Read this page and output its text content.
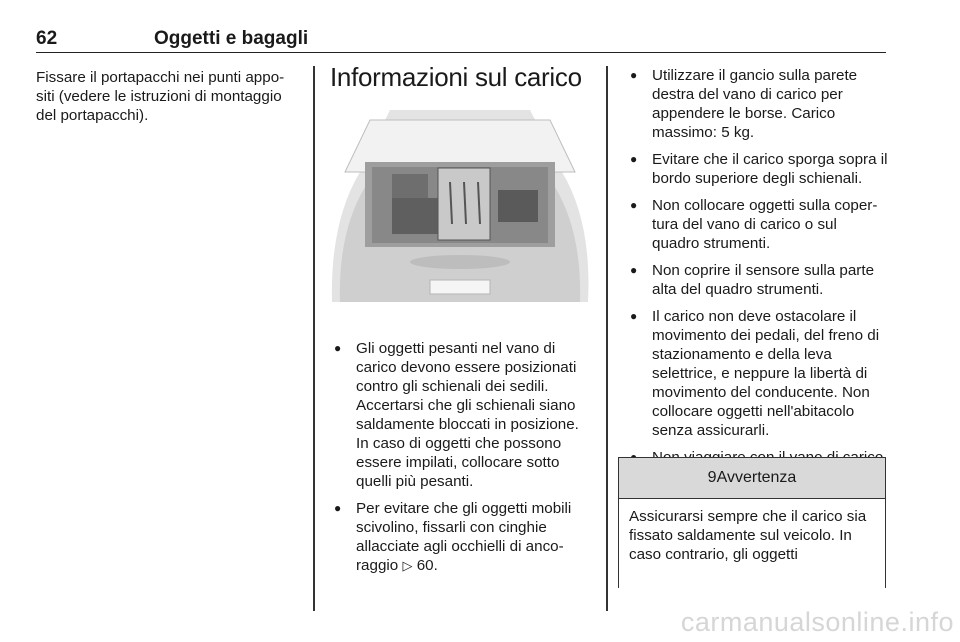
62	Oggetti e bagagli

Fissare il portapacchi nei punti appo-siti (vedere le istruzioni di montaggio del portapacchi).

Informazioni sul carico
● Gli oggetti pesanti nel vano di carico devono essere posizionati contro gli schienali dei sedili. Accertarsi che gli schienali siano saldamente bloccati in posizione. In caso di oggetti che possono essere impilati, collocare sotto quelli più pesanti.
● Per evitare che gli oggetti mobili scivolino, fissarli con cinghie allacciate agli occhielli di anco-raggio ▷ 60.
● Utilizzare il gancio sulla parete destra del vano di carico per appendere le borse. Carico massimo: 5 kg.
● Evitare che il carico sporga sopra il bordo superiore degli schienali.
● Non collocare oggetti sulla coper-tura del vano di carico o sul quadro strumenti.
● Non coprire il sensore sulla parte alta del quadro strumenti.
● Il carico non deve ostacolare il movimento dei pedali, del freno di stazionamento e della leva selettrice, e neppure la libertà di movimento del conducente. Non collocare oggetti nell'abitacolo senza assicurarli.
●
9Avvertenza
Assicurarsi sempre che il carico sia fissato saldamente sul veicolo. In caso contrario, gli oggetti
carmanualsonline.info
